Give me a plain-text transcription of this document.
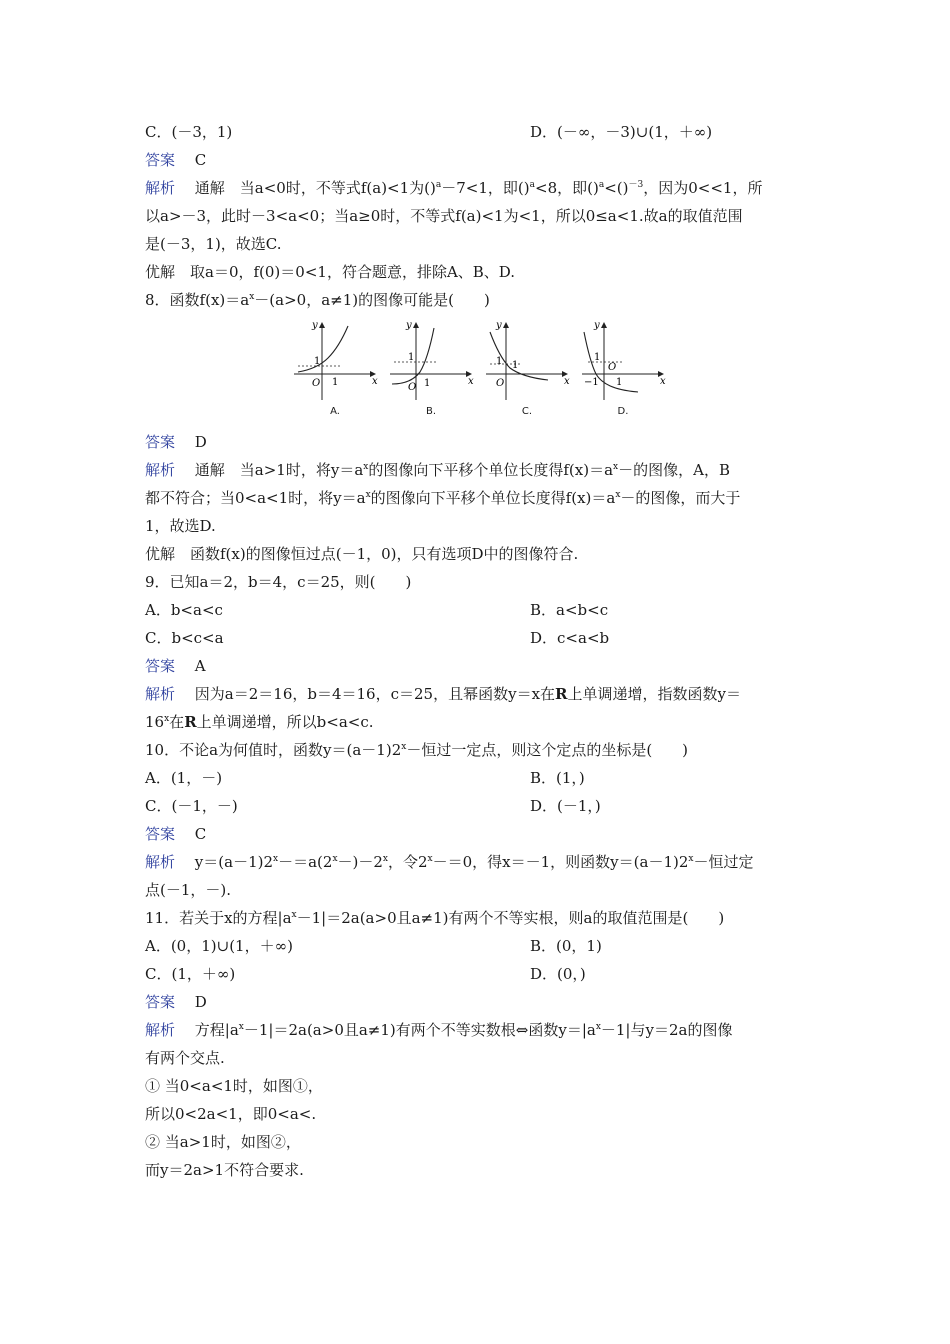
C．(－3，1)	D．(－∞，－3)∪(1，＋∞)
答案　 C
解析　 通解　当a<0时，不等式f(a)<1为()$^a$－7<1，即()$^a$<8，即()$^a$<()$^{-3}$，因为0<<1，所
以a>－3，此时－3<a<0；当a≥0时，不等式f(a)<1为<1，所以0≤a<1.故a的取值范围
是(－3，1)，故选C.
优解　取a＝0，f(0)＝0<1，符合题意，排除A、B、D.
8．函数$f(x)=a^x-(a>0$，a≠1)的图像可能是(　　)
y
x
O 1
1
A.
y
x
O 1
1
B.
y
x
O
1
1
C.
y
x
O
1
−1
1
D.
答案　 D
解析　 通解　当a>1时，将$y=a^x$的图像向下平移个单位长度得$f(x)=a^x-$的图像，A，B
都不符合；当0<a<1时，将$y=a^x$的图像向下平移个单位长度得$f(x)=a^x-$的图像，而大于
1，故选D.
优解　函数f(x)的图像恒过点(－1，0)，只有选项D中的图像符合.
9．已知a＝2，b＝4，c＝25，则(　　)
A．b<a<c	B．a<b<c
C．b<c<a	D．c<a<b
答案　 A
解析　 因为a＝2＝16，b＝4＝16，c＝25，且幂函数y＝x在R上单调递增，指数函数y＝
$16^x$在R上单调递增，所以b<a<c.
10．不论a为何值时，函数$y=(a-1)2^x-$恒过一定点，则这个定点的坐标是(　　)
A．(1，－)	B．(1，)
C．(－1，－)	D．(－1，)
答案　 C
解析　 $y=(a-1)2^x-=a(2^x-)-2^x$，令$2^x-=0$，得x＝－1，则函数$y=(a-1)2^x-$恒过定
点(－1，－).
11．若关于x的方程$|a^x-1|=2a(a>0$且a≠1)有两个不等实根，则a的取值范围是(　　)
A．(0，1)∪(1，＋∞)	B．(0，1)
C．(1，＋∞)	D．(0，)
答案　 D
解析　 方程$|a^x-1|=2a(a>0$且a≠1)有两个不等实数根⇔函数$y=|a^x-1|$与y＝2a的图像
有两个交点.
① 当0<a<1时，如图①，
所以0<2a<1，即0<a<.
② 当a>1时，如图②，
而y＝2a>1不符合要求.
